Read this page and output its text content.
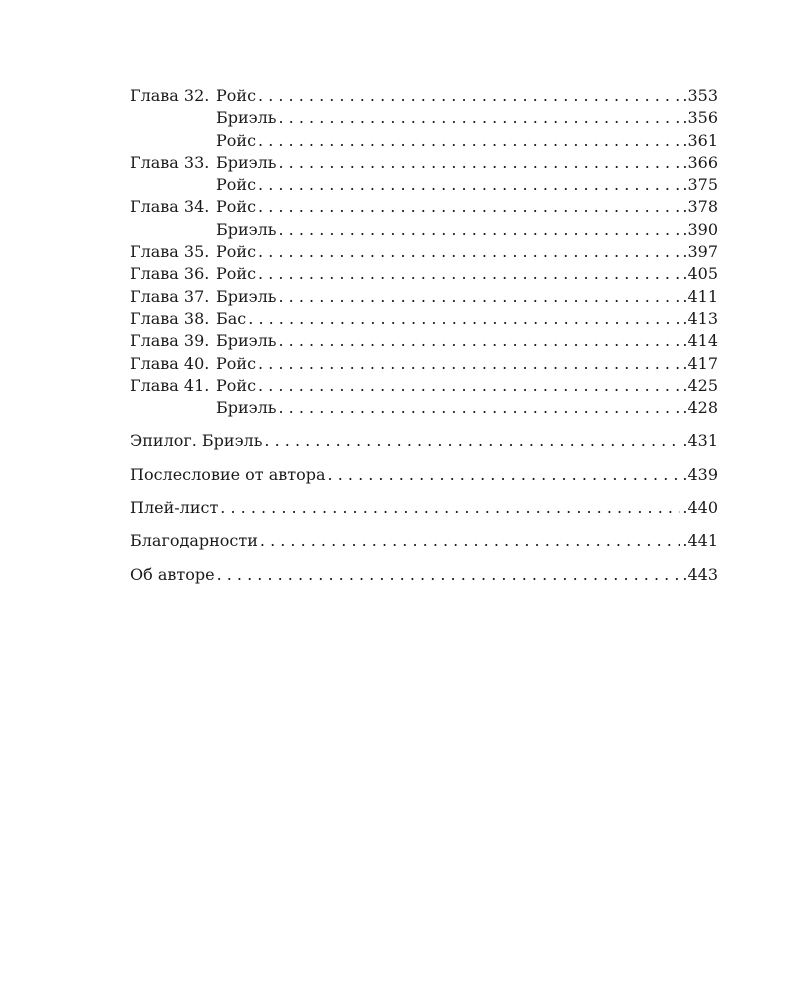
Глава 32. Ройс . . .	.353
Бриэль . . .	.356
Ройс . . .	.361
Глава 33. Бриэль . . .	.366
Ройс . . .	.375
Глава 34. Ройс . . .	.378
Бриэль . . .	.390
Глава 35. Ройс . . .	.397
Глава 36. Ройс . . .	.405
Глава 37. Бриэль . . .	.411
Глава 38. Бас . . .	.413
Глава 39. Бриэль . . .	.414
Глава 40. Ройс . . .	.417
Глава 41. Ройс . . .	.425
Бриэль . . .	.428
Эпилог. Бриэль . . .	.431
Послесловие от автора . . .	.439
Плей-лист . . .	.440
Благодарности . . .	.441
Об авторе . . .	.443
